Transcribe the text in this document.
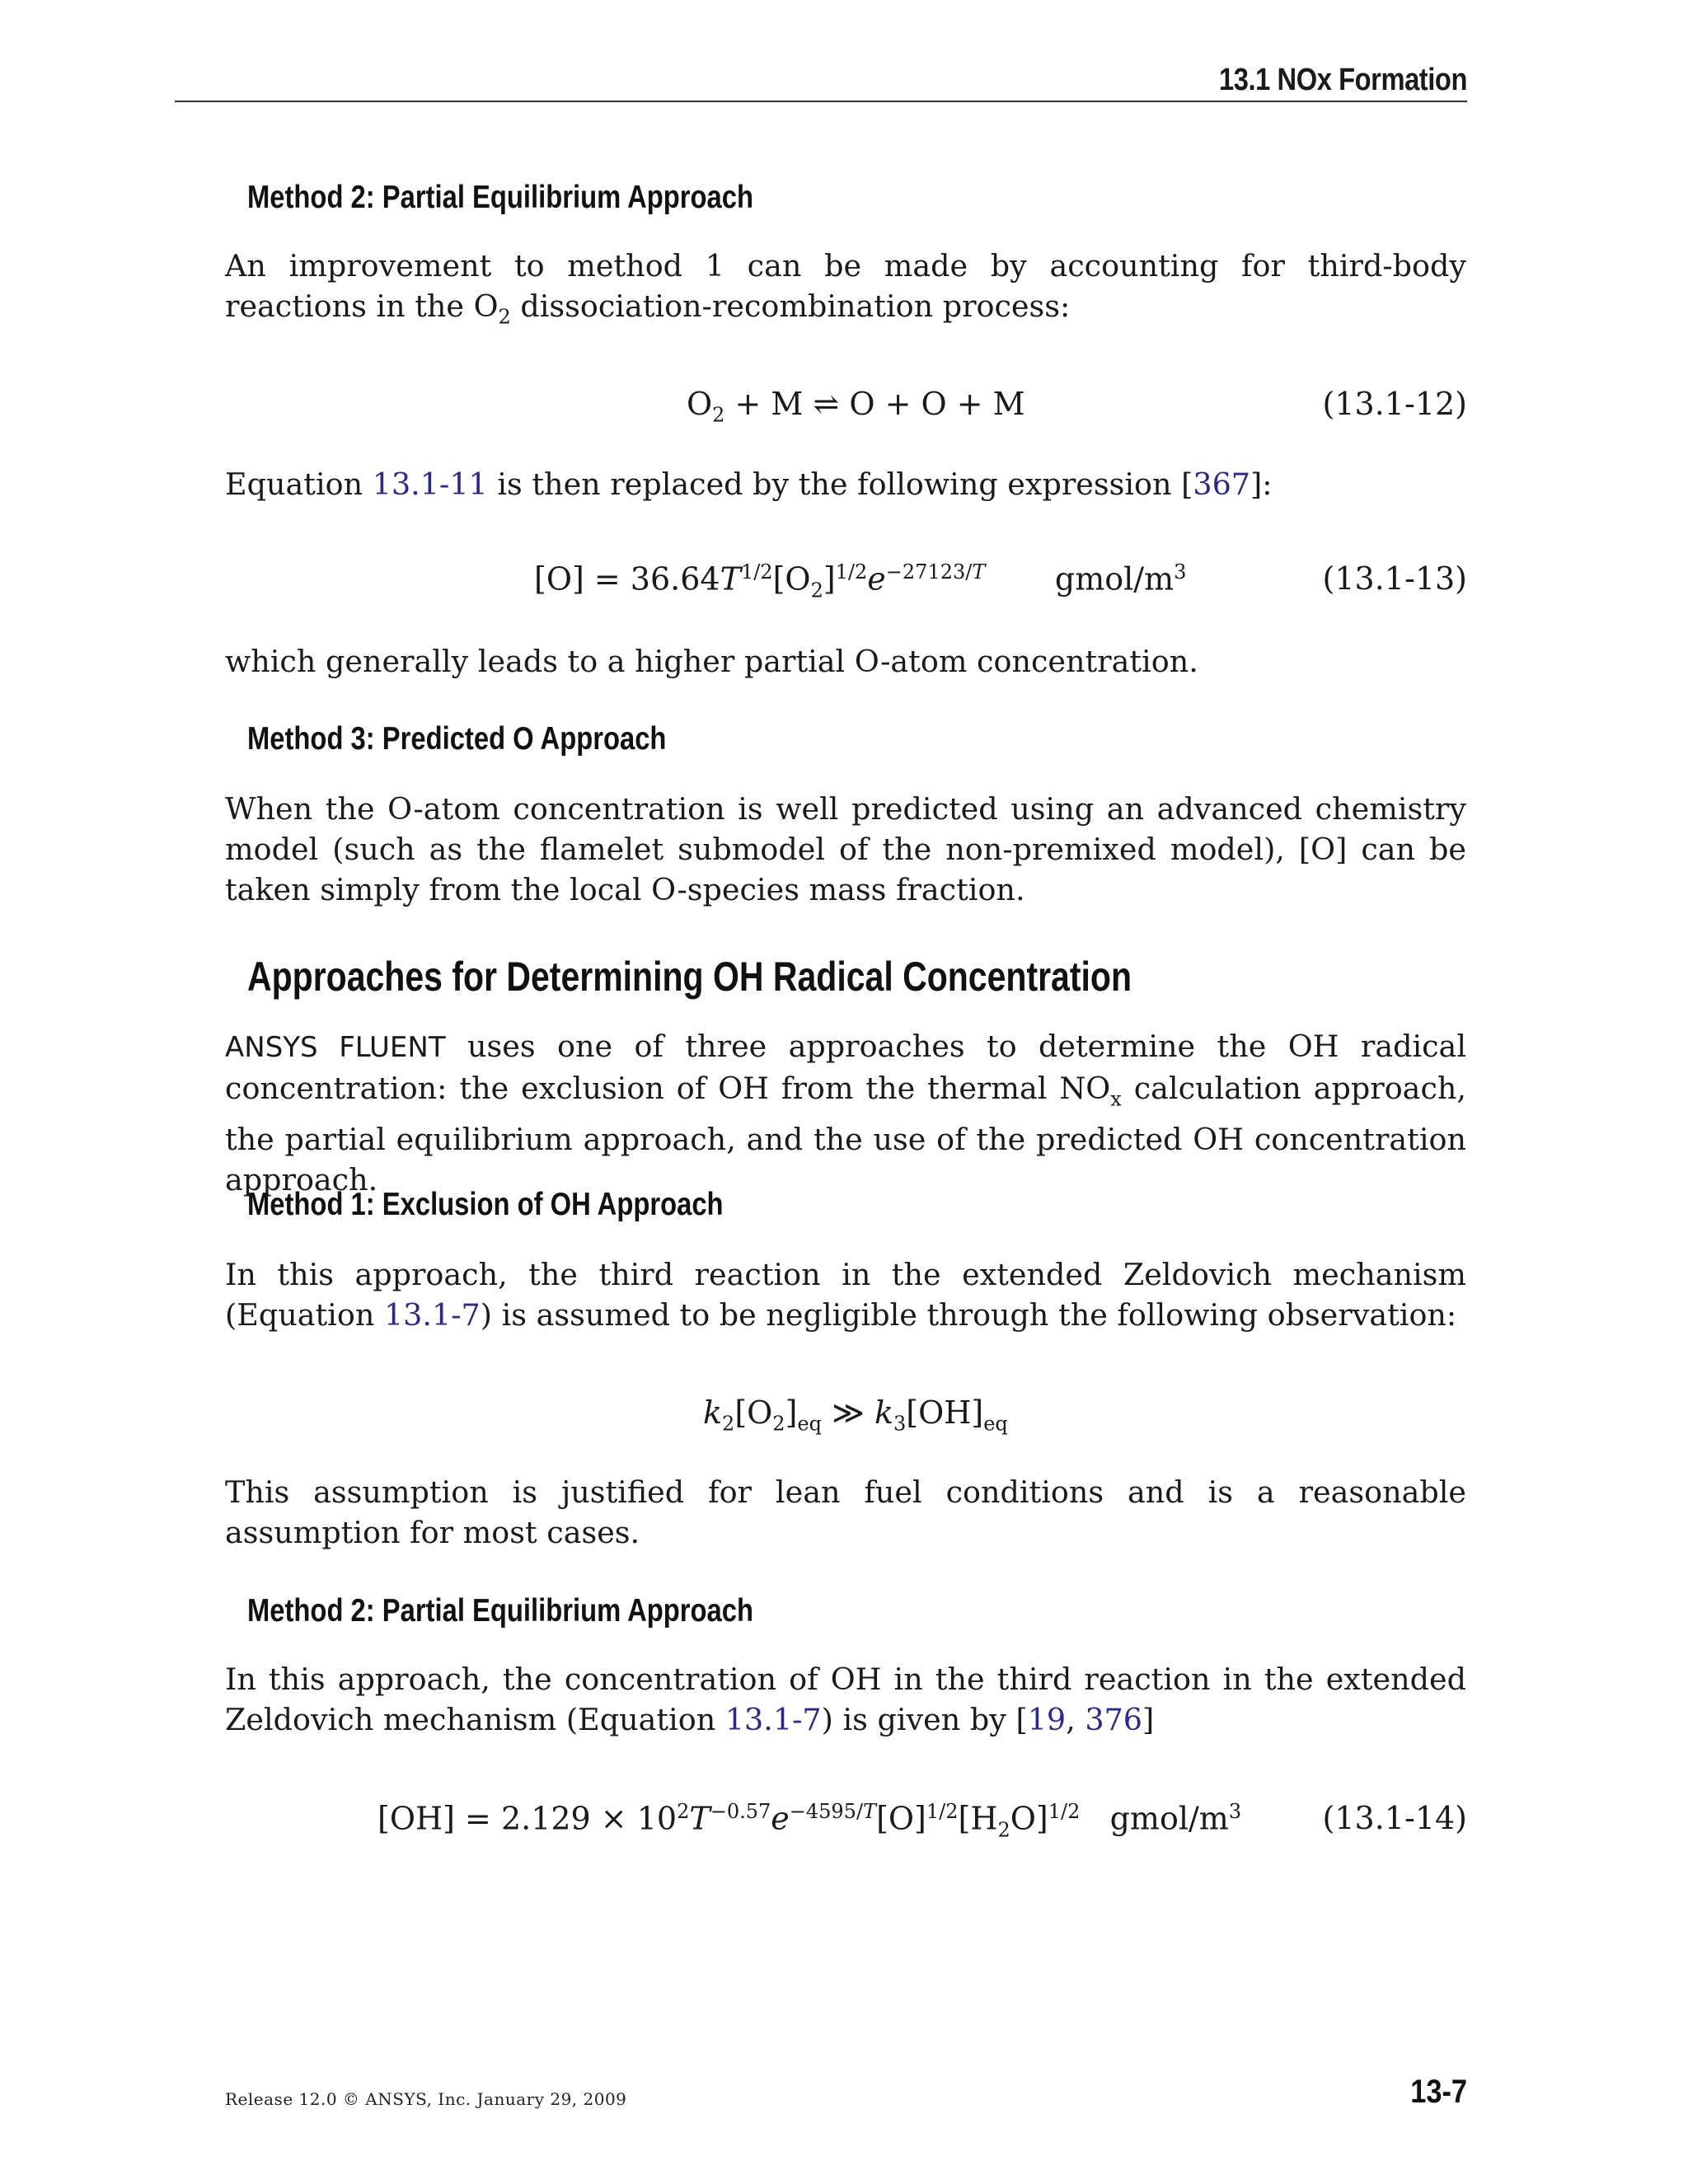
13.1 NOx Formation
Method 2: Partial Equilibrium Approach
An improvement to method 1 can be made by accounting for third-body reactions in the $O_2$ dissociation-recombination process:
$O_2 + M$ ⇌ O + O + M	(13.1-12)
Equation 13.1-11 is then replaced by the following expression [367]:
$[O] = 36.64T^{1/2}[O_2]^{1/2}e^{-27123/T}$       gmol/$m^3$	(13.1-13)
which generally leads to a higher partial O-atom concentration.
Method 3: Predicted O Approach
When the O-atom concentration is well predicted using an advanced chemistry model (such as the flamelet submodel of the non-premixed model), [O] can be taken simply from the local O-species mass fraction.
Approaches for Determining OH Radical Concentration
ANSYS FLUENT uses one of three approaches to determine the OH radical concentration: the exclusion of OH from the thermal $NO_x$ calculation approach, the partial equilibrium approach, and the use of the predicted OH concentration approach.
Method 1: Exclusion of OH Approach
In this approach, the third reaction in the extended Zeldovich mechanism (Equation 13.1-7) is assumed to be negligible through the following observation:
$k_2[O_2]_{eq}$ ≫ $k_3[OH]_{eq}$
This assumption is justified for lean fuel conditions and is a reasonable assumption for most cases.
Method 2: Partial Equilibrium Approach
In this approach, the concentration of OH in the third reaction in the extended Zeldovich mechanism (Equation 13.1-7) is given by [19, 376]
$[OH] = 2.129 \times 10^2T^{-0.57}e^{-4595/T}[O]^{1/2}[H_2O]^{1/2}$   gmol/$m^3$	(13.1-14)
Release 12.0 © ANSYS, Inc. January 29, 2009	13-7
